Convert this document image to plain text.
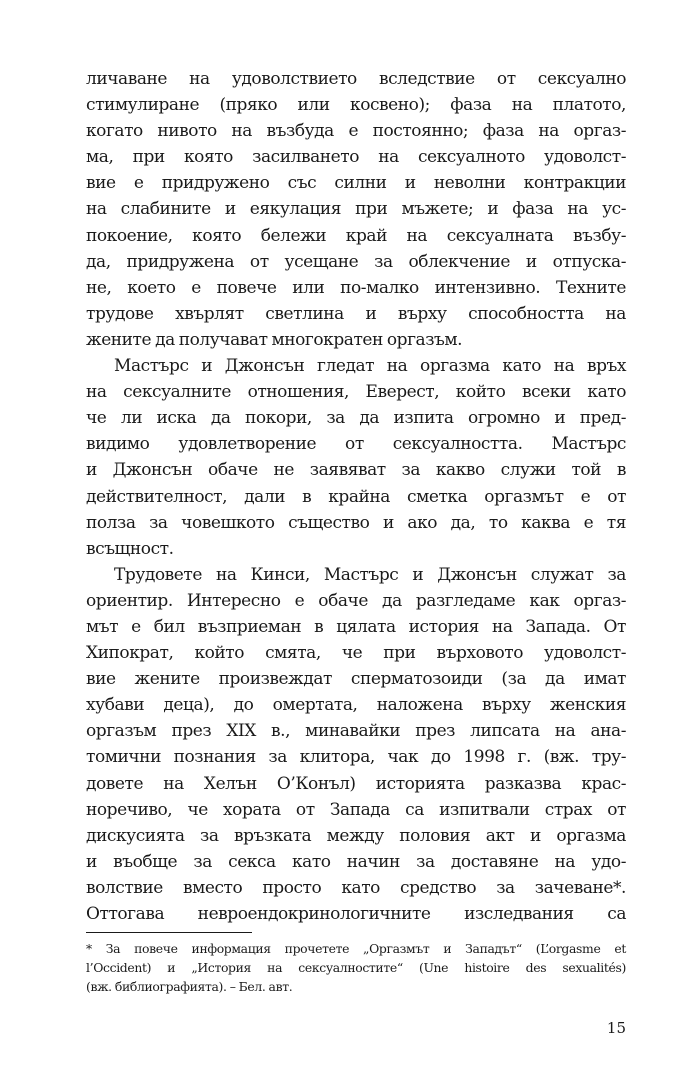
личаване на удоволствието вследствие от сексуално
стимулиране (пряко или косвено); фаза на платото,
когато нивото на възбуда е постоянно; фаза на оргаз-
ма, при която засилването на сексуалното удоволст-
вие е придружено със силни и неволни контракции
на слабините и еякулация при мъжете; и фаза на ус-
покоение, която бележи край на сексуалната възбу-
да, придружена от усещане за облекчение и отпуска-
не, което е повече или по-малко интензивно. Техните
трудове хвърлят светлина и върху способността на
жените да получават многократен оргазъм.
Мастърс и Джонсън гледат на оргазма като на връх
на сексуалните отношения, Еверест, който всеки като
че ли иска да покори, за да изпита огромно и пред-
видимо удовлетворение от сексуалността. Мастърс
и Джонсън обаче не заявяват за какво служи той в
действителност, дали в крайна сметка оргазмът е от
полза за човешкото същество и ако да, то каква е тя
всъщност.
Трудовете на Кинси, Мастърс и Джонсън служат за
ориентир. Интересно е обаче да разгледаме как оргаз-
мът е бил възприеман в цялата история на Запада. От
Хипократ, който смята, че при върховото удоволст-
вие жените произвеждат сперматозоиди (за да имат
хубави деца), до омертата, наложена върху женския
оргазъм през XIX в., минавайки през липсата на ана-
томични познания за клитора, чак до 1998 г. (вж. тру-
довете на Хелън О’Конъл) историята разказва крас-
норечиво, че хората от Запада са изпитвали страх от
дискусията за връзката между половия акт и оргазма
и въобще за секса като начин за доставяне на удо-
волствие вместо просто като средство за зачеване*.
Оттогава невроендокринологичните изследвания са
* За повече информация прочетете „Оргазмът и Западът“ (L’orgasme et
l’Occident) и „История на сексуалностите“ (Une histoire des sexualités)
(вж. библиографията). – Бел. авт.
15
